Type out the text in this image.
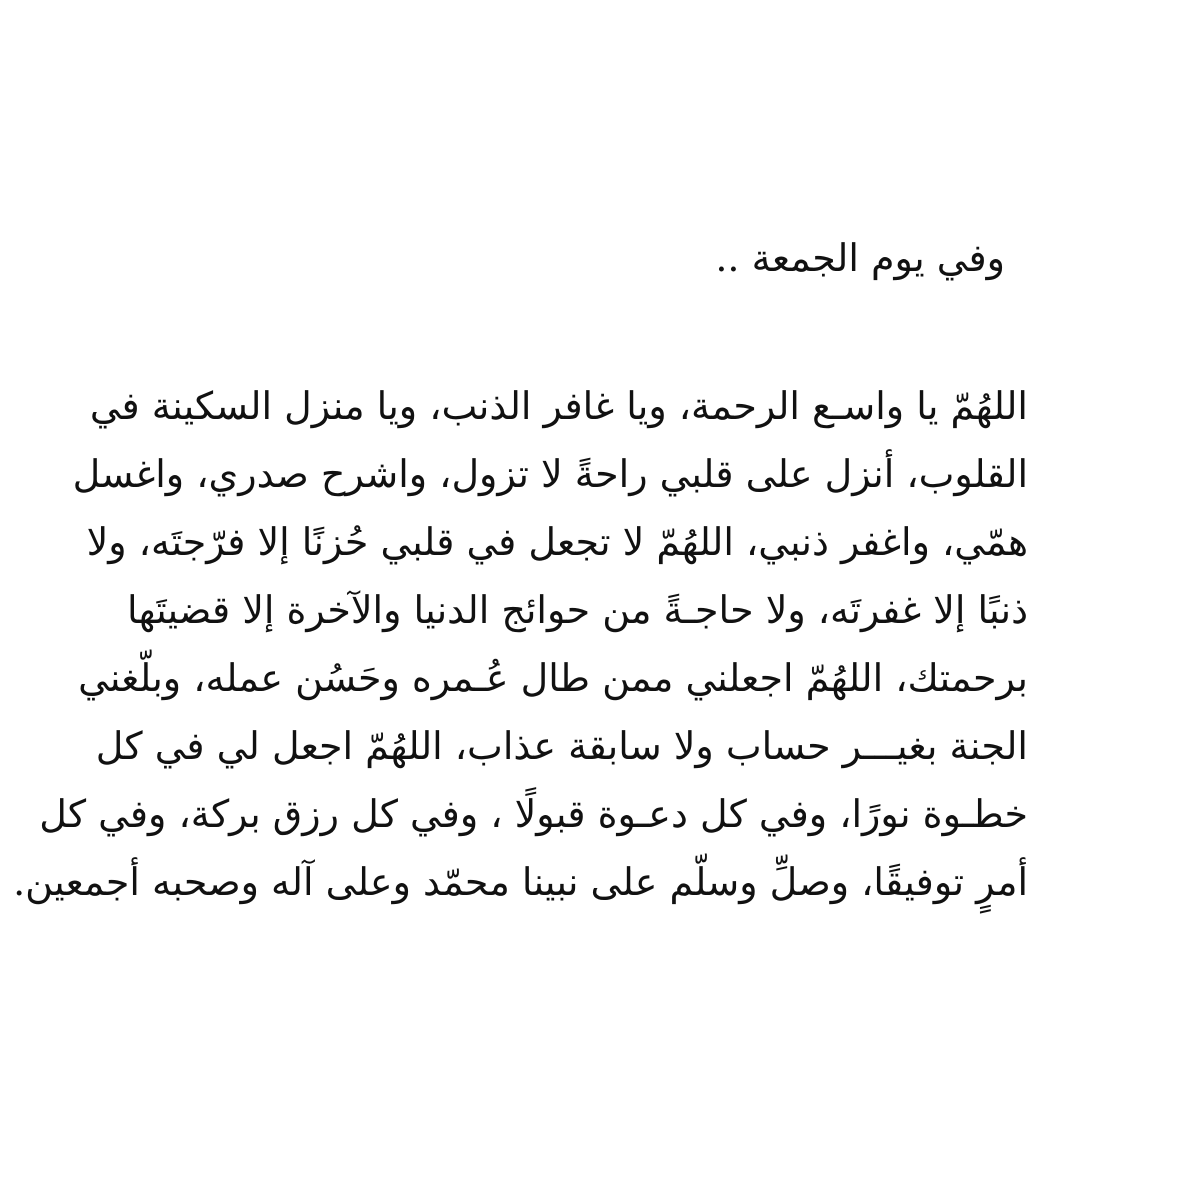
وفي يوم الجمعة ..
اللهُمّ يا واسـع الرحمة، ويا غافر الذنب، ويا منزل السكينة في
القلوب، أنزل على قلبي راحةً لا تزول، واشرح صدري، واغسل
همّي، واغفر ذنبي، اللهُمّ لا تجعل في قلبي حُزنًا إلا فرّجتَه، ولا
ذنبًا إلا غفرتَه، ولا حاجـةً من حوائج الدنيا والآخرة إلا قضيتَها
برحمتك، اللهُمّ اجعلني ممن طال عُـمره وحَسُن عمله، وبلّغني
الجنة بغيـــر حساب ولا سابقة عذاب، اللهُمّ اجعل لي في كل
خطـوة نورًا، وفي كل دعـوة قبولًا ، وفي كل رزق بركة، وفي كل
أمرٍ توفيقًا، وصلِّ وسلّم على نبينا محمّد وعلى آله وصحبه أجمعين.
